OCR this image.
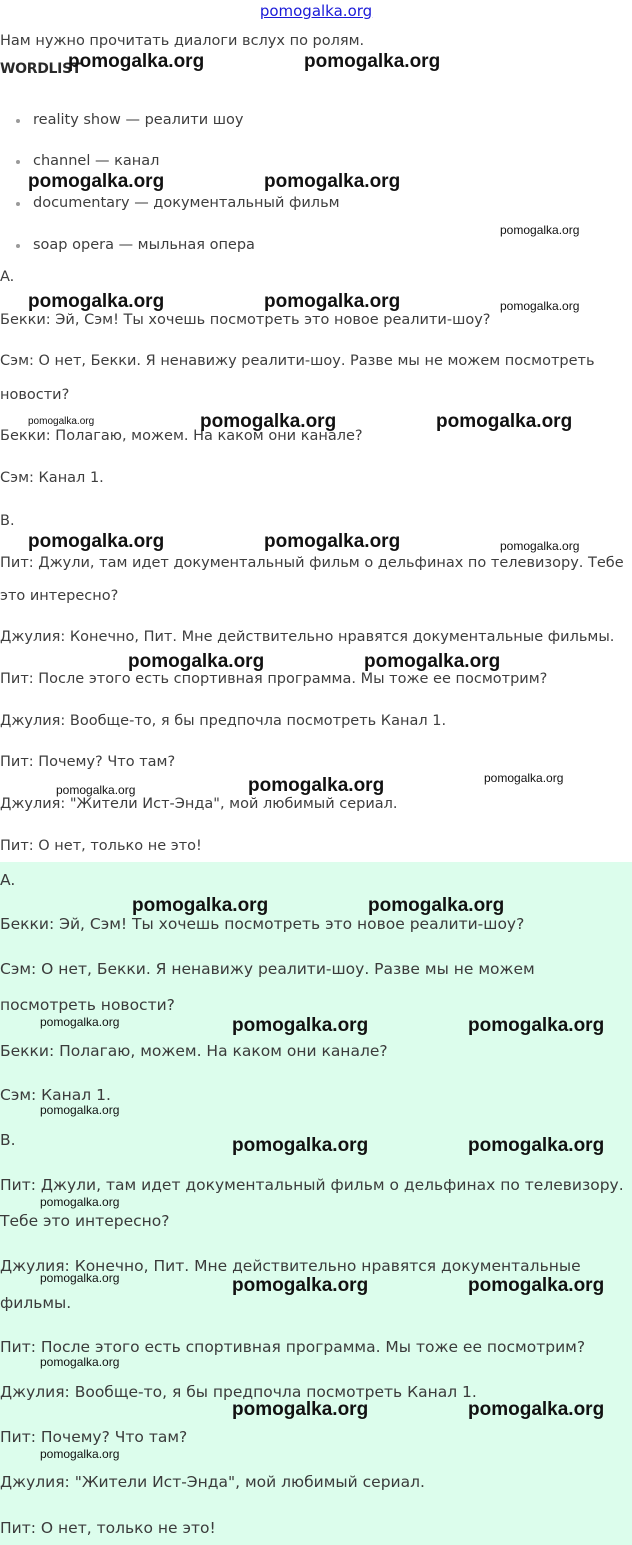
pomogalka.org
Нам нужно прочитать диалоги вслух по ролям.
WORDLIST
reality show — реалити шоу
channel — канал
documentary — документальный фильм
soap opera — мыльная опера
A.
Бекки: Эй, Сэм! Ты хочешь посмотреть это новое реалити-шоу?
Сэм: О нет, Бекки. Я ненавижу реалити-шоу. Разве мы не можем посмотреть
новости?
Бекки: Полагаю, можем. На каком они канале?
Сэм: Канал 1.
B.
Пит: Джули, там идет документальный фильм о дельфинах по телевизору. Тебе
это интересно?
Джулия: Конечно, Пит. Мне действительно нравятся документальные фильмы.
Пит: После этого есть спортивная программа. Мы тоже ее посмотрим?
Джулия: Вообще-то, я бы предпочла посмотреть Канал 1.
Пит: Почему? Что там?
Джулия: "Жители Ист-Энда", мой любимый сериал.
Пит: О нет, только не это!
A.
Бекки: Эй, Сэм! Ты хочешь посмотреть это новое реалити-шоу?
Сэм: О нет, Бекки. Я ненавижу реалити-шоу. Разве мы не можем
посмотреть новости?
Бекки: Полагаю, можем. На каком они канале?
Сэм: Канал 1.
B.
Пит: Джули, там идет документальный фильм о дельфинах по телевизору.
Тебе это интересно?
Джулия: Конечно, Пит. Мне действительно нравятся документальные
фильмы.
Пит: После этого есть спортивная программа. Мы тоже ее посмотрим?
Джулия: Вообще-то, я бы предпочла посмотреть Канал 1.
Пит: Почему? Что там?
Джулия: "Жители Ист-Энда", мой любимый сериал.
Пит: О нет, только не это!
pomogalka.org	pomogalka.org
pomogalka.org	pomogalka.org
pomogalka.org
pomogalka.org	pomogalka.org	pomogalka.org
pomogalka.org	pomogalka.org	pomogalka.org
pomogalka.org	pomogalka.org	pomogalka.org
pomogalka.org	pomogalka.org
pomogalka.org	pomogalka.org	pomogalka.org
pomogalka.org	pomogalka.org
pomogalka.org	pomogalka.org	pomogalka.org
pomogalka.org
pomogalka.org	pomogalka.org
pomogalka.org
pomogalka.org	pomogalka.org	pomogalka.org
pomogalka.org
pomogalka.org	pomogalka.org
pomogalka.org
